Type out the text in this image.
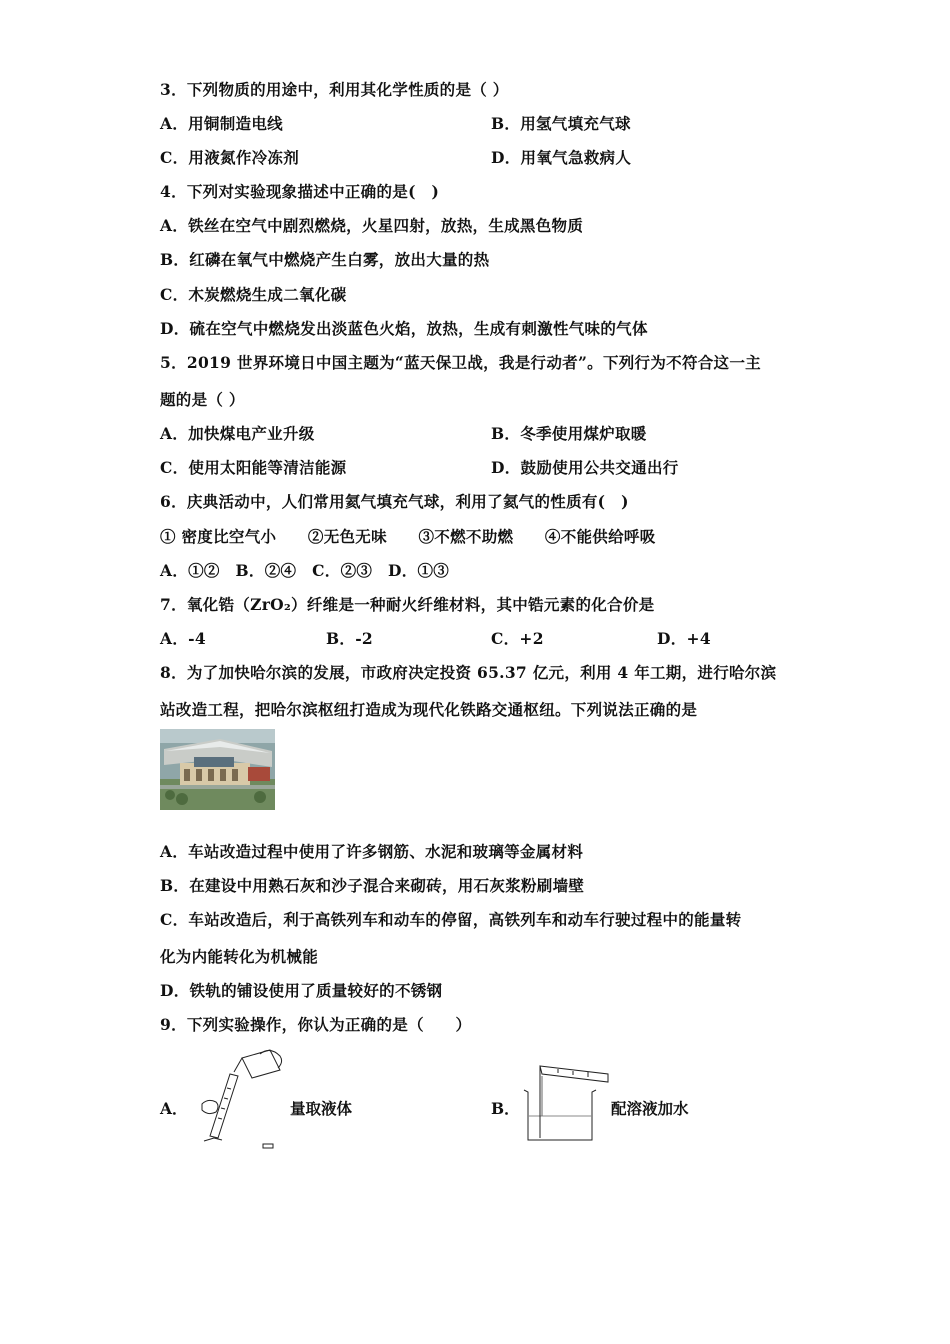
3．下列物质的用途中，利用其化学性质的是（ ）
A．用铜制造电线	B．用氢气填充气球
C．用液氮作冷冻剂	D．用氧气急救病人
4．下列对实验现象描述中正确的是(　)
A．铁丝在空气中剧烈燃烧，火星四射，放热，生成黑色物质
B．红磷在氧气中燃烧产生白雾，放出大量的热
C．木炭燃烧生成二氧化碳
D．硫在空气中燃烧发出淡蓝色火焰，放热，生成有刺激性气味的气体
5．2019 世界环境日中国主题为“蓝天保卫战，我是行动者”。下列行为不符合这一主
题的是（ ）
A．加快煤电产业升级	B．冬季使用煤炉取暖
C．使用太阳能等清洁能源	D．鼓励使用公共交通出行
6．庆典活动中，人们常用氦气填充气球，利用了氦气的性质有(　)
① 密度比空气小　　②无色无味　　③不燃不助燃　　④不能供给呼吸
A．①②　B．②④　C．②③　D．①③
7．氧化锆（ZrO₂）纤维是一种耐火纤维材料，其中锆元素的化合价是
A．-4	B．-2	C．+2	D．+4
8．为了加快哈尔滨的发展，市政府决定投资 65.37 亿元，利用 4 年工期，进行哈尔滨
站改造工程，把哈尔滨枢纽打造成为现代化铁路交通枢纽。下列说法正确的是
A．车站改造过程中使用了许多钢筋、水泥和玻璃等金属材料
B．在建设中用熟石灰和沙子混合来砌砖，用石灰浆粉刷墙壁
C．车站改造后，利于高铁列车和动车的停留，高铁列车和动车行驶过程中的能量转
化为内能转化为机械能
D．铁轨的铺设使用了质量较好的不锈钢
9．下列实验操作，你认为正确的是（　　）
A．	量取液体	B．	配溶液加水
